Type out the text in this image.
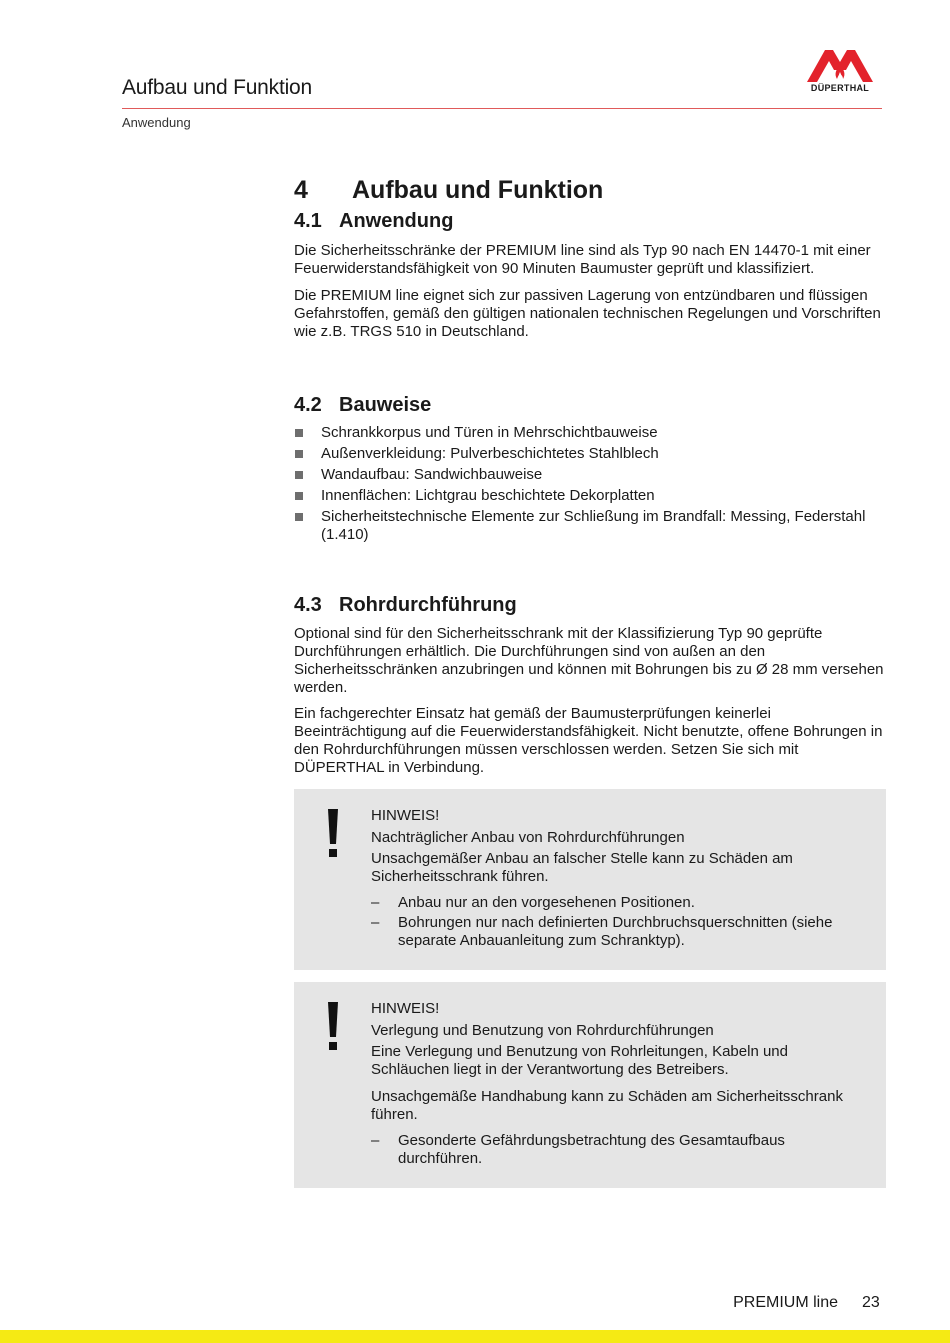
Aufbau und Funktion
Anwendung
DÜPERTHAL
4	Aufbau und Funktion
4.1 Anwendung

Die Sicherheitsschränke der PREMIUM line sind als Typ 90 nach EN 14470-1 mit einer Feuerwiderstandsfähigkeit von 90 Minuten Baumuster geprüft und klassifiziert.

Die PREMIUM line eignet sich zur passiven Lagerung von entzündbaren und flüssigen Gefahrstoffen, gemäß den gültigen nationalen technischen Regelungen und Vorschriften wie z.B. TRGS 510 in Deutschland.

4.2 Bauweise
Schrankkorpus und Türen in Mehrschichtbauweise
Außenverkleidung: Pulverbeschichtetes Stahlblech
Wandaufbau: Sandwichbauweise
Innenflächen: Lichtgrau beschichtete Dekorplatten
Sicherheitstechnische Elemente zur Schließung im Brandfall: Messing, Federstahl (1.410)
4.3 Rohrdurchführung

Optional sind für den Sicherheitsschrank mit der Klassifizierung Typ 90 geprüfte Durchführungen erhältlich. Die Durchführungen sind von außen an den Sicherheitsschränken anzubringen und können mit Bohrungen bis zu Ø 28 mm versehen werden.

Ein fachgerechter Einsatz hat gemäß der Baumusterprüfungen keinerlei Beeinträchtigung auf die Feuerwiderstandsfähigkeit. Nicht benutzte, offene Bohrungen in den Rohrdurchführungen müssen verschlossen werden. Setzen Sie sich mit DÜPERTHAL in Verbindung.

HINWEIS!
Nachträglicher Anbau von Rohrdurchführungen
Unsachgemäßer Anbau an falscher Stelle kann zu Schäden am Sicherheitsschrank führen.
– Anbau nur an den vorgesehenen Positionen.
– Bohrungen nur nach definierten Durchbruchsquerschnitten (siehe separate Anbauanleitung zum Schranktyp).
HINWEIS!
Verlegung und Benutzung von Rohrdurchführungen
Eine Verlegung und Benutzung von Rohrleitungen, Kabeln und Schläuchen liegt in der Verantwortung des Betreibers.
Unsachgemäße Handhabung kann zu Schäden am Sicherheitsschrank führen.
– Gesonderte Gefährdungsbetrachtung des Gesamtaufbaus durchführen.
PREMIUM line 23
